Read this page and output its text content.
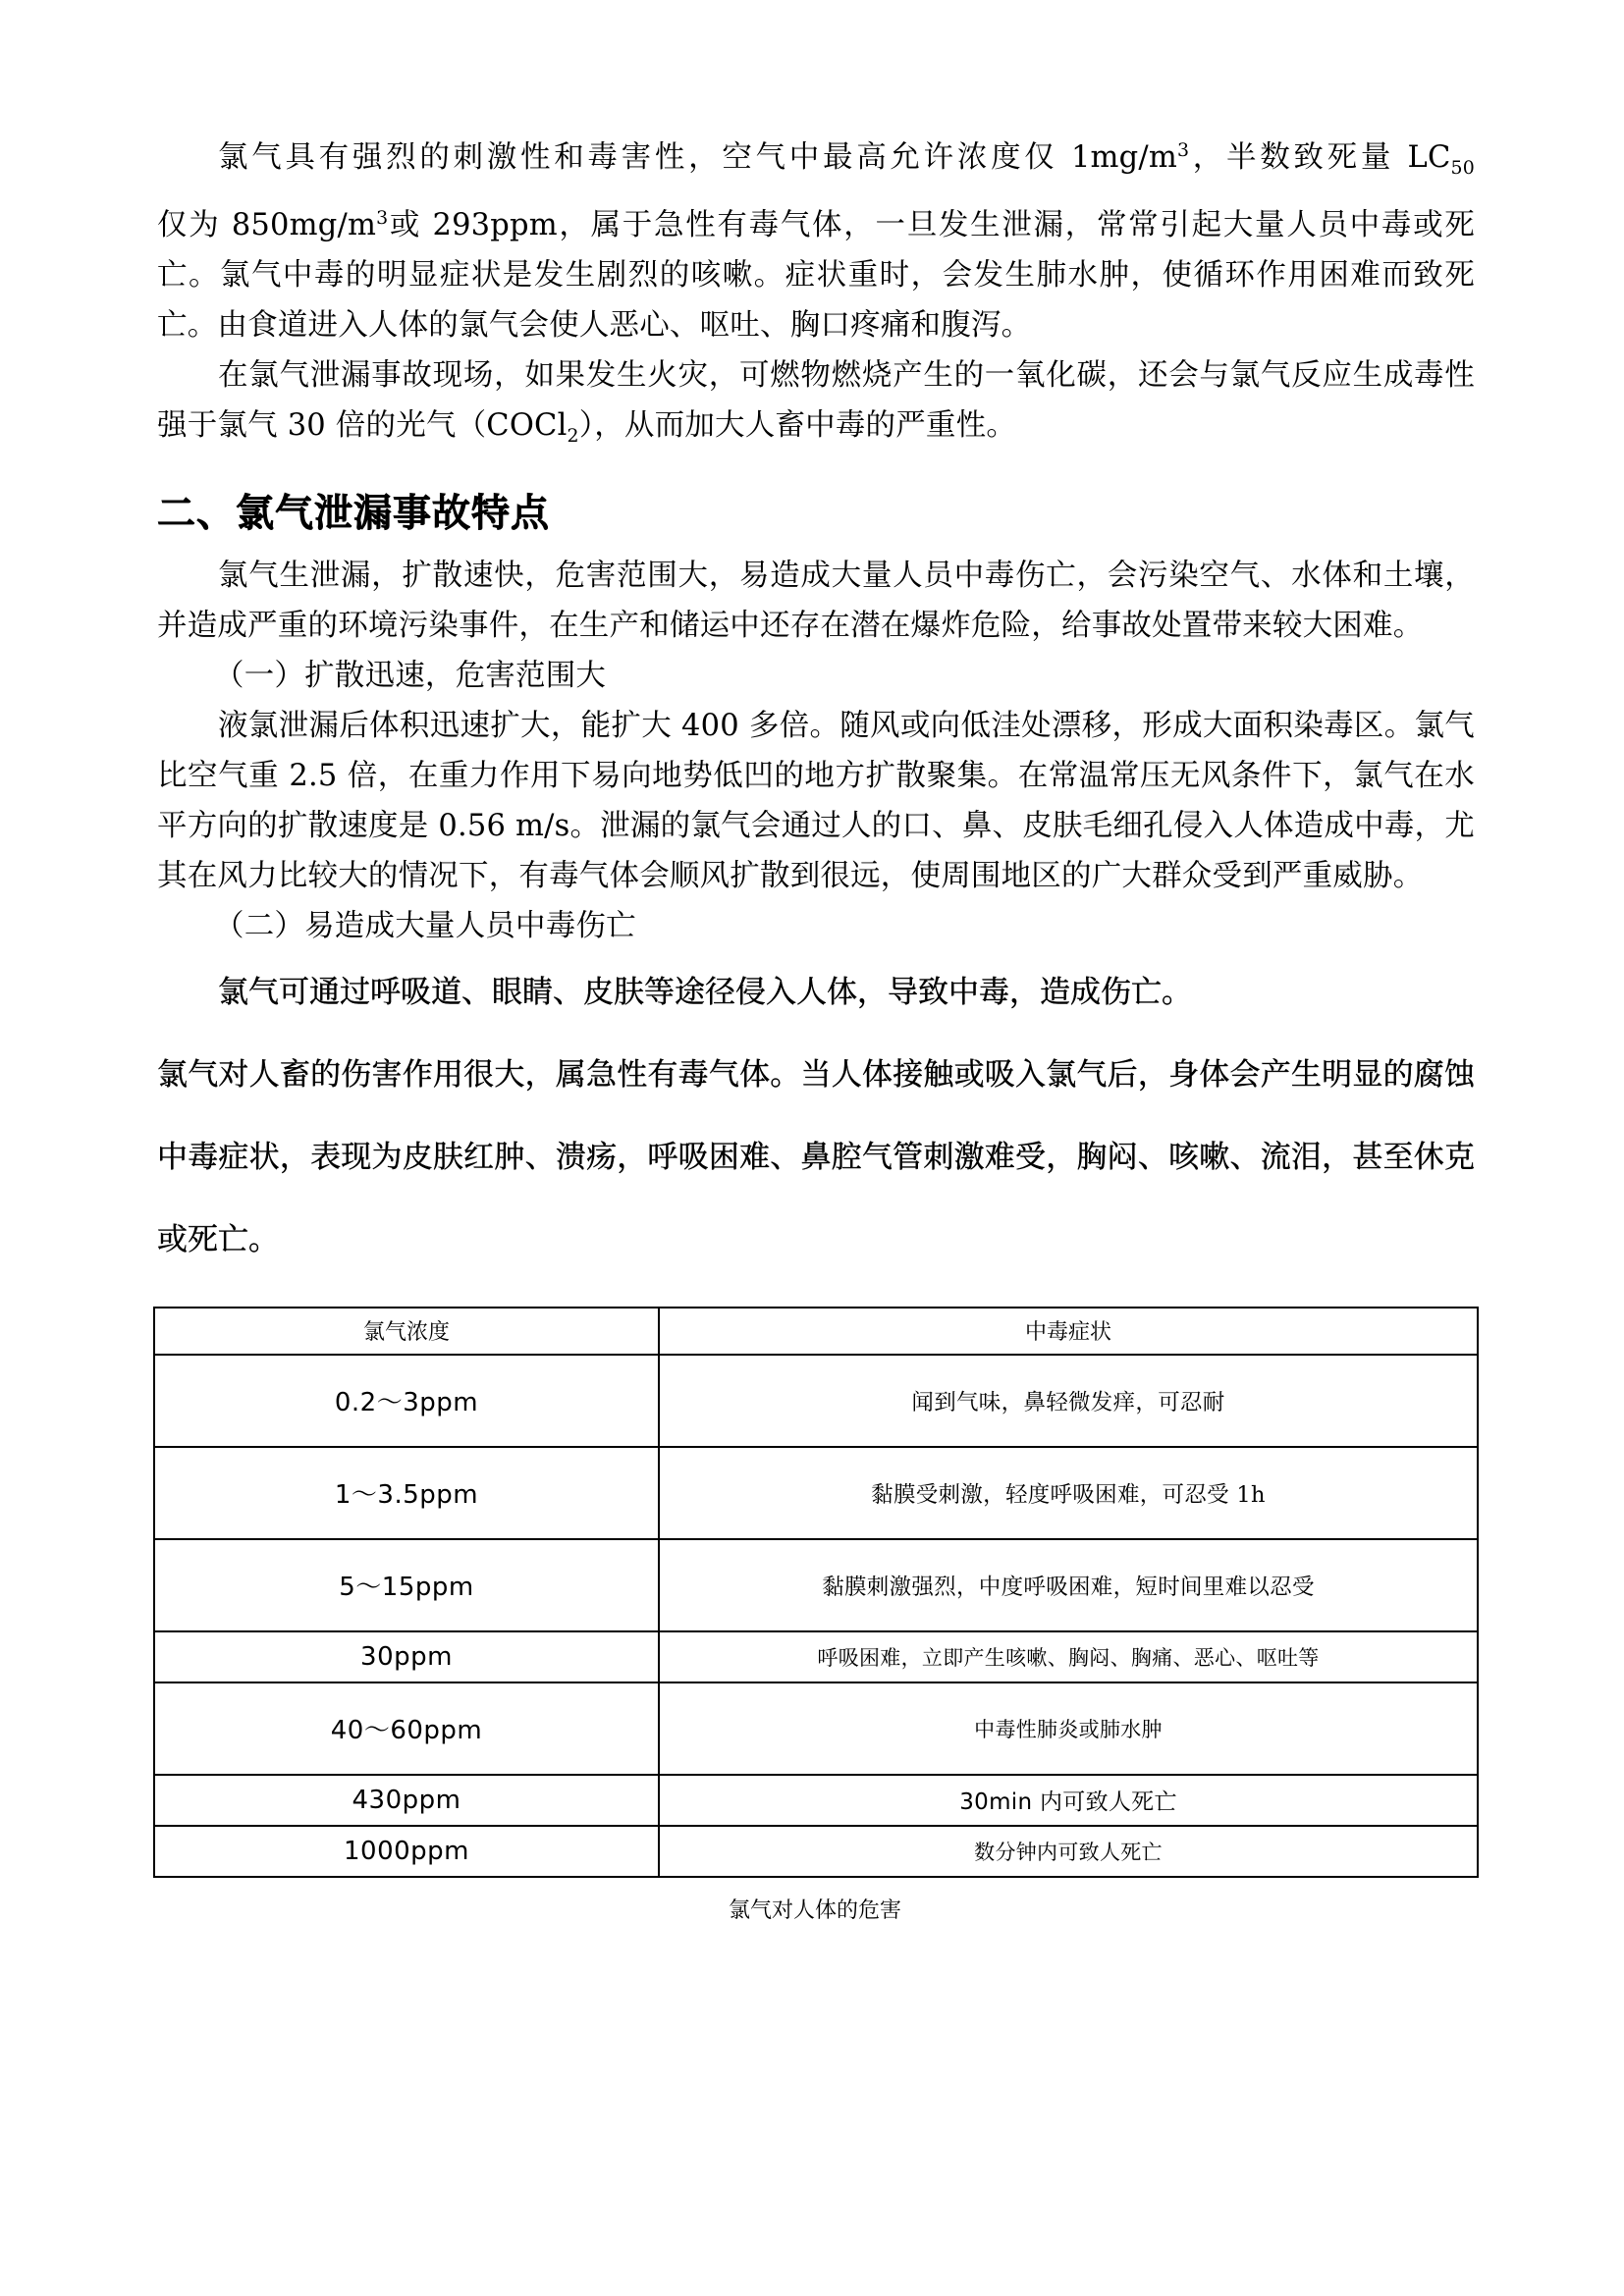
氯气具有强烈的刺激性和毒害性，空气中最高允许浓度仅 $1mg/m^3$，半数致死量 $LC_{50}$仅为 $850mg/m^3$或 293ppm，属于急性有毒气体，一旦发生泄漏，常常引起大量人员中毒或死亡。氯气中毒的明显症状是发生剧烈的咳嗽。症状重时，会发生肺水肿，使循环作用困难而致死亡。由食道进入人体的氯气会使人恶心、呕吐、胸口疼痛和腹泻。

在氯气泄漏事故现场，如果发生火灾，可燃物燃烧产生的一氧化碳，还会与氯气反应生成毒性强于氯气 30 倍的光气（COCl$_2$），从而加大人畜中毒的严重性。

二、氯气泄漏事故特点

氯气生泄漏，扩散速快，危害范围大，易造成大量人员中毒伤亡，会污染空气、水体和土壤，并造成严重的环境污染事件，在生产和储运中还存在潜在爆炸危险，给事故处置带来较大困难。

（一）扩散迅速，危害范围大

液氯泄漏后体积迅速扩大，能扩大 400 多倍。随风或向低洼处漂移，形成大面积染毒区。氯气比空气重 2.5 倍，在重力作用下易向地势低凹的地方扩散聚集。在常温常压无风条件下，氯气在水平方向的扩散速度是 0.56 m/s。泄漏的氯气会通过人的口、鼻、皮肤毛细孔侵入人体造成中毒，尤其在风力比较大的情况下，有毒气体会顺风扩散到很远，使周围地区的广大群众受到严重威胁。

（二）易造成大量人员中毒伤亡

氯气可通过呼吸道、眼睛、皮肤等途径侵入人体，导致中毒，造成伤亡。

氯气对人畜的伤害作用很大，属急性有毒气体。当人体接触或吸入氯气后，身体会产生明显的腐蚀中毒症状，表现为皮肤红肿、溃疡，呼吸困难、鼻腔气管刺激难受，胸闷、咳嗽、流泪，甚至休克或死亡。

氯气浓度	中毒症状
0.2～3ppm	闻到气味，鼻轻微发痒，可忍耐
1～3.5ppm	黏膜受刺激，轻度呼吸困难，可忍受 1h
5～15ppm	黏膜刺激强烈，中度呼吸困难，短时间里难以忍受
30ppm	呼吸困难，立即产生咳嗽、胸闷、胸痛、恶心、呕吐等
40～60ppm	中毒性肺炎或肺水肿
430ppm	30min 内可致人死亡
1000ppm	数分钟内可致人死亡
氯气对人体的危害
